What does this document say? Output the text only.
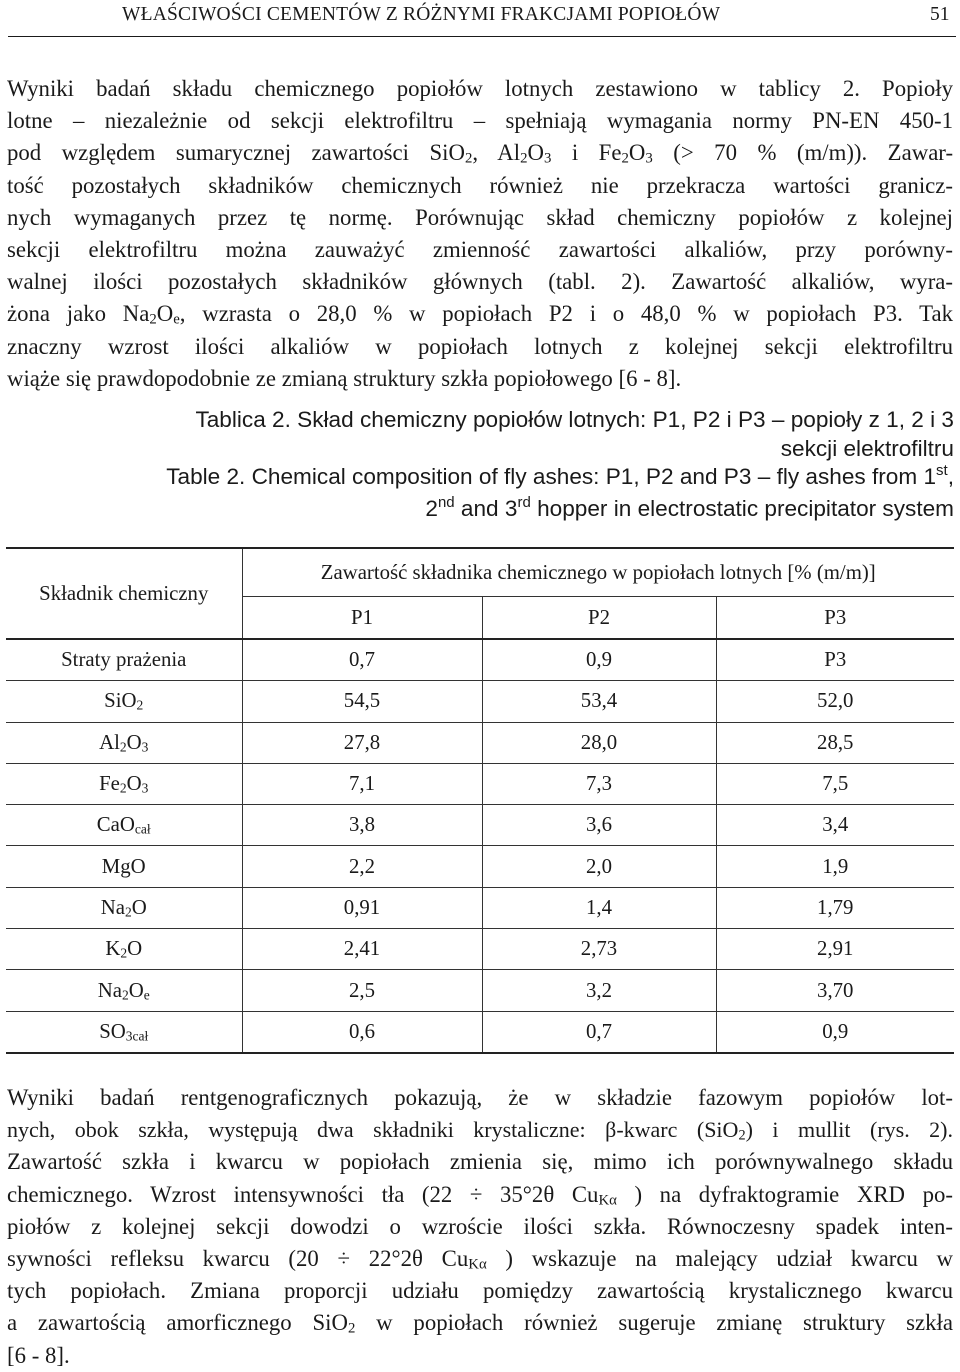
WŁAŚCIWOŚCI CEMENTÓW Z RÓŻNYMI FRAKCJAMI POPIOŁÓW	51
Wyniki badań składu chemicznego popiołów lotnych zestawiono w tablicy 2. Popioły
lotne – niezależnie od sekcji elektrofiltru – spełniają wymagania normy PN-EN 450-1
pod względem sumarycznej zawartości SiO$_2$, $Al_2O_3$ i $Fe_2O_3$ (> 70 % (m/m)). Zawar-
tość pozostałych składników chemicznych również nie przekracza wartości granicz-
nych wymaganych przez tę normę. Porównując skład chemiczny popiołów z kolejnej
sekcji elektrofiltru można zauważyć zmienność zawartości alkaliów, przy porówny-
walnej ilości pozostałych składników głównych (tabl. 2). Zawartość alkaliów, wyra-
żona jako $Na_2O_e$, wzrasta o 28,0 % w popiołach P2 i o 48,0 % w popiołach P3. Tak
znaczny wzrost ilości alkaliów w popiołach lotnych z kolejnej sekcji elektrofiltru
wiąże się prawdopodobnie ze zmianą struktury szkła popiołowego [6 - 8].
Tablica 2. Skład chemiczny popiołów lotnych: P1, P2 i P3 – popioły z 1, 2 i 3
sekcji elektrofiltru
Table 2. Chemical composition of fly ashes: P1, P2 and P3 – fly ashes from 1st,
2nd and 3rd hopper in electrostatic precipitator system
Składnik chemiczny	Zawartość składnika chemicznego w popiołach lotnych [% (m/m)]		
	P1	P2	P3
Straty prażenia	0,7	0,9	P3
SiO$_2$	54,5	53,4	52,0
$Al_2O_3$	27,8	28,0	28,5
$Fe_2O_3$	7,1	7,3	7,5
CaO$_{cał}$	3,8	3,6	3,4
MgO	2,2	2,0	1,9
$Na_2O$	0,91	1,4	1,79
$K_2O$	2,41	2,73	2,91
$Na_2O_e$	2,5	3,2	3,70
$SO_{3cał}$	0,6	0,7	0,9
Wyniki badań rentgenograficznych pokazują, że w składzie fazowym popiołów lot-
nych, obok szkła, występują dwa składniki krystaliczne: β-kwarc (SiO$_2$) i mullit (rys. 2).
Zawartość szkła i kwarcu w popiołach zmienia się, mimo ich porównywalnego składu
chemicznego. Wzrost intensywności tła (22 ÷ 35°2θ $Cu_{K\alpha}$ ) na dyfraktogramie XRD po-
piołów z kolejnej sekcji dowodzi o wzroście ilości szkła. Równoczesny spadek inten-
sywności refleksu kwarcu (20 ÷ 22°2θ $Cu_{K\alpha}$ ) wskazuje na malejący udział kwarcu w
tych popiołach. Zmiana proporcji udziału pomiędzy zawartością krystalicznego kwarcu
a zawartością amorficznego SiO$_2$ w popiołach również sugeruje zmianę struktury szkła
[6 - 8].
